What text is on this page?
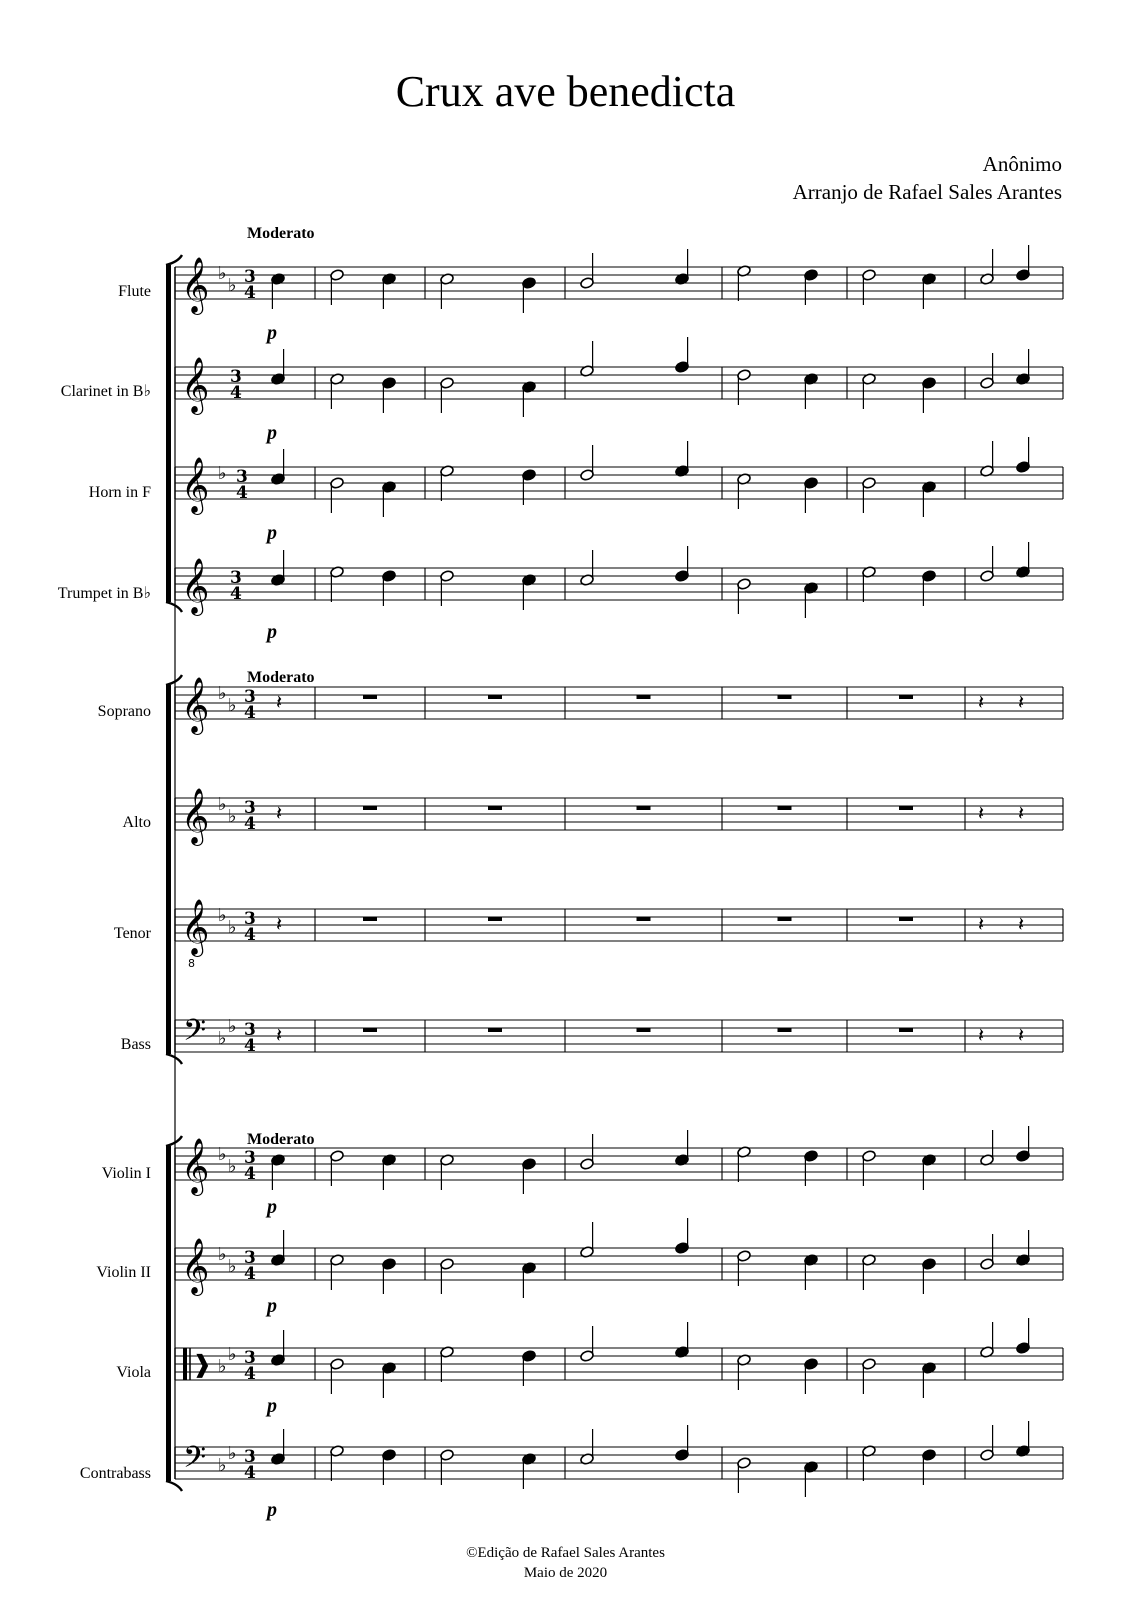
Crux ave benedicta
Anônimo
Arranjo de Rafael Sales Arantes
Moderato
Moderato
Moderato
Flute
Clarinet in B♭
Horn in F
Trumpet in B♭
Soprano
Alto
Tenor
Bass
Violin I
Violin II
Viola
Contrabass
p
p
p
p
p
p
p
p
𝄞 ♭
♭ 3
4
𝄞 3
4
𝄞 ♭ 3
4
𝄞 3
4
𝄞 ♭
♭ 3
4 𝄽	𝄽 𝄽
𝄞 ♭
♭ 3
4 𝄽	𝄽 𝄽
𝄞
8
♭
♭ 3
4 𝄽	𝄽 𝄽
𝄢 ♭
♭ 3
4 𝄽	𝄽 𝄽
𝄞 ♭
♭ 3
4
𝄞 ♭
♭ 3
4
❱ ♭
♭ 3
4
𝄢 ♭
♭ 3
4
©Edição de Rafael Sales Arantes
Maio de 2020
